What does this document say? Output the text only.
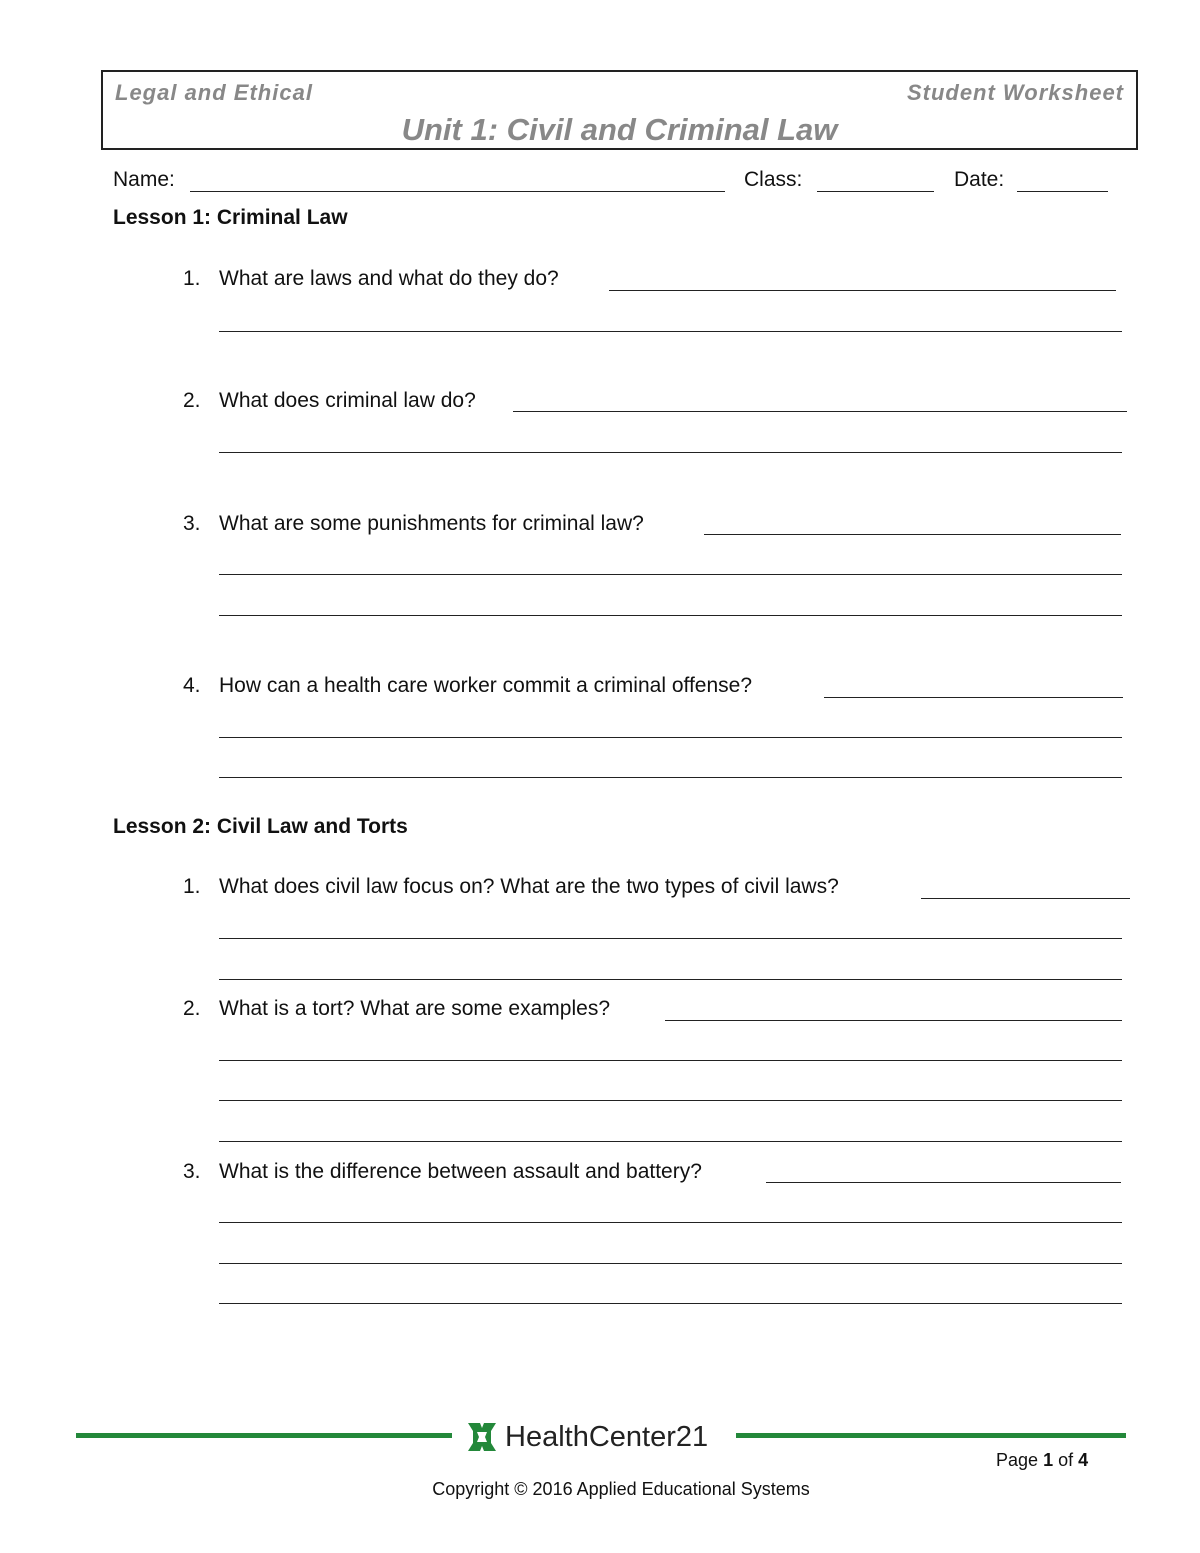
Legal and Ethical	Student Worksheet
Unit 1: Civil and Criminal Law
Name:	Class:	Date:
Lesson 1: Criminal Law
1. What are laws and what do they do?
2. What does criminal law do?
3. What are some punishments for criminal law?
4. How can a health care worker commit a criminal offense?
Lesson 2: Civil Law and Torts
1. What does civil law focus on? What are the two types of civil laws?
2. What is a tort? What are some examples?
3. What is the difference between assault and battery?
HealthCenter21
Page 1 of 4
Copyright © 2016 Applied Educational Systems
